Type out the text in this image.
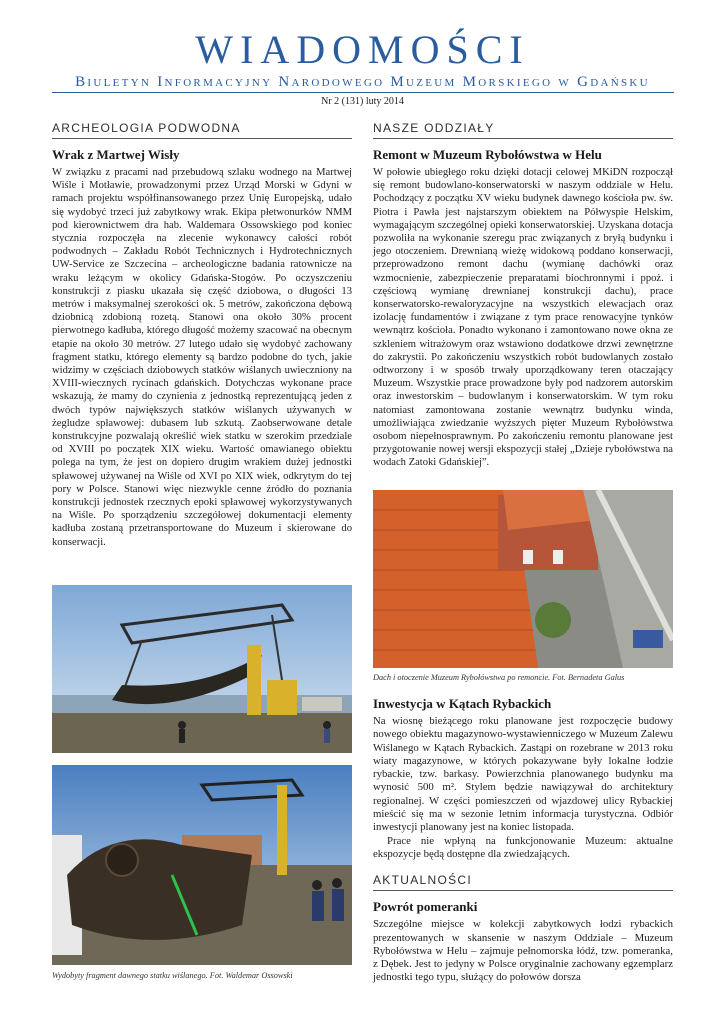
WIADOMOŚCI
Biuletyn Informacyjny Narodowego Muzeum Morskiego w Gdańsku
Nr 2 (131) luty 2014
ARCHEOLOGIA PODWODNA
Wrak z Martwej Wisły
W związku z pracami nad przebudową szlaku wodnego na Martwej Wiśle i Motławie, prowadzonymi przez Urząd Morski w Gdyni w ramach projektu współfinansowanego przez Unię Europejską, udało się wydobyć trzeci już zabytkowy wrak. Ekipa płetwonurków NMM pod kierownictwem dra hab. Waldemara Ossowskiego pod koniec stycznia rozpoczęła na zlecenie wykonawcy całości robót podwodnych – Zakładu Robót Technicznych i Hydrotechnicznych UW-Service ze Szczecina – archeologiczne badania ratownicze na wraku leżącym w okolicy Gdańska-Stogów. Po oczyszczeniu konstrukcji z piasku ukazała się część dziobowa, o długości 13 metrów i maksymalnej szerokości ok. 5 metrów, zakończona dębową dziobnicą zdobioną rozetą. Stanowi ona około 30% procent pierwotnego kadłuba, którego długość możemy szacować na obecnym etapie na około 30 metrów. 27 lutego udało się wydobyć zachowany fragment statku, którego elementy są bardzo podobne do tych, jakie widzimy w częściach dziobowych statków wiślanych uwieczniony na XVIII-wiecznych rycinach gdańskich. Dotychczas wykonane prace wskazują, że mamy do czynienia z jednostką reprezentującą jeden z dwóch typów największych statków wiślanych używanych w żegludze spławowej: dubasem lub szkutą. Zaobserwowane detale konstrukcyjne pozwalają określić wiek statku w szerokim przedziale od XVIII po początek XIX wieku. Wartość omawianego obiektu polega na tym, że jest on dopiero drugim wrakiem dużej jednostki spławowej używanej na Wiśle od XVI po XIX wiek, odkrytym do tej pory w Polsce. Stanowi więc niezwykle cenne źródło do poznania konstrukcji jednostek rzecznych epoki spławowej wykorzystywanych na Wiśle. Po sporządzeniu szczegółowej dokumentacji elementy kadłuba zostaną przetransportowane do Muzeum i skierowane do konserwacji.
Wydobyty fragment dawnego statku wiślanego. Fot. Waldemar Ossowski
NASZE ODDZIAŁY
Remont w Muzeum Rybołówstwa w Helu
W połowie ubiegłego roku dzięki dotacji celowej MKiDN rozpoczął się remont budowlano-konserwatorski w naszym oddziale w Helu. Pochodzący z początku XV wieku budynek dawnego kościoła pw. św. Piotra i Pawła jest najstarszym obiektem na Półwyspie Helskim, wymagającym szczególnej opieki konserwatorskiej. Uzyskana dotacja pozwoliła na wykonanie szeregu prac związanych z bryłą budynku i jego otoczeniem. Drewnianą wieżę widokową poddano konserwacji, przeprowadzono remont dachu (wymianę dachówki oraz wzmocnienie, zabezpieczenie preparatami biochronnymi i ppoż. i częściową wymianę drewnianej konstrukcji dachu), prace konserwatorsko-rewaloryzacyjne na wszystkich elewacjach oraz izolację fundamentów i związane z tym prace renowacyjne tynków wewnątrz kościoła. Ponadto wykonano i zamontowano nowe okna ze szkleniem witrażowym oraz wstawiono dodatkowe drzwi zewnętrzne do zakrystii. Po zakończeniu wszystkich robót budowlanych zostało odtworzony i w sposób trwały uporządkowany teren otaczający Muzeum. Wszystkie prace prowadzone były pod nadzorem autorskim oraz inwestorskim – budowlanym i konserwatorskim. W tym roku natomiast zamontowana zostanie wewnątrz budynku winda, umożliwiająca zwiedzanie wyższych pięter Muzeum Rybołówstwa osobom niepełnosprawnym. Po zakończeniu remontu planowane jest przygotowanie nowej wersji ekspozycji stałej „Dzieje rybołówstwa na wodach Zatoki Gdańskiej”.
Dach i otoczenie Muzeum Rybołówstwa po remoncie. Fot. Bernadeta Galus
Inwestycja w Kątach Rybackich
Na wiosnę bieżącego roku planowane jest rozpoczęcie budowy nowego obiektu magazynowo-wystawienniczego w Muzeum Zalewu Wiślanego w Kątach Rybackich. Zastąpi on rozebrane w 2013 roku wiaty magazynowe, w których pokazywane były lokalne łodzie rybackie, tzw. barkasy. Powierzchnia planowanego budynku ma wynosić 500 m². Stylem będzie nawiązywał do architektury regionalnej. W części pomieszczeń od wjazdowej ulicy Rybackiej mieścić się ma w sezonie letnim informacja turystyczna. Odbiór inwestycji planowany jest na koniec listopada.
Prace nie wpłyną na funkcjonowanie Muzeum: aktualne ekspozycje będą dostępne dla zwiedzających.
AKTUALNOŚCI
Powrót pomeranki
Szczególne miejsce w kolekcji zabytkowych łodzi rybackich prezentowanych w skansenie w naszym Oddziale – Muzeum Rybołówstwa w Helu – zajmuje pełnomorska łódź, tzw. pomeranka, z Dębek. Jest to jedyny w Polsce oryginalnie zachowany egzemplarz jednostki tego typu, służący do połowów dorsza
